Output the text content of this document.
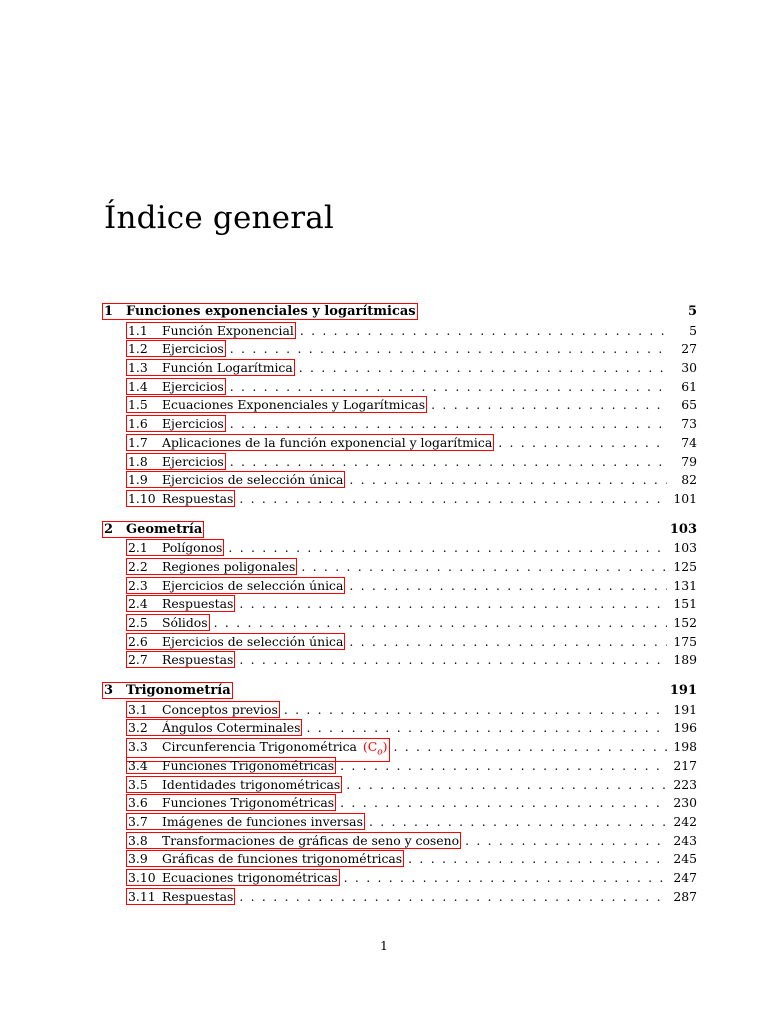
Índice general
1 Funciones exponenciales y logarítmicas	5
1.1	Función Exponencial . . .	5
1.2	Ejercicios . . .	27
1.3	Función Logarítmica . . .	30
1.4	Ejercicios . . .	61
1.5	Ecuaciones Exponenciales y Logarítmicas . . .	65
1.6	Ejercicios . . .	73
1.7	Aplicaciones de la función exponencial y logarítmica . . .	74
1.8	Ejercicios . . .	79
1.9	Ejercicios de selección única . . .	82
1.10 Respuestas . . .	101
2 Geometría	103
2.1	Polígonos . . .	103
2.2	Regiones poligonales . . .	125
2.3	Ejercicios de selección única . . .	131
2.4	Respuestas . . .	151
2.5	Sólidos . . .	152
2.6	Ejercicios de selección única . . .	175
2.7	Respuestas . . .	189
3 Trigonometría	191
3.1	Conceptos previos . . .	191
3.2	Ángulos Coterminales . . .	196
3.3	Circunferencia Trigonométrica $(C_o)$ . . .	198
3.4	Funciones Trigonométricas . . .	217
3.5	Identidades trigonométricas . . .	223
3.6	Funciones Trigonométricas . . .	230
3.7	Imágenes de funciones inversas . . .	242
3.8	Transformaciones de gráficas de seno y coseno . . .	243
3.9	Gráficas de funciones trigonométricas . . .	245
3.10 Ecuaciones trigonométricas . . .	247
3.11 Respuestas . . .	287
1
